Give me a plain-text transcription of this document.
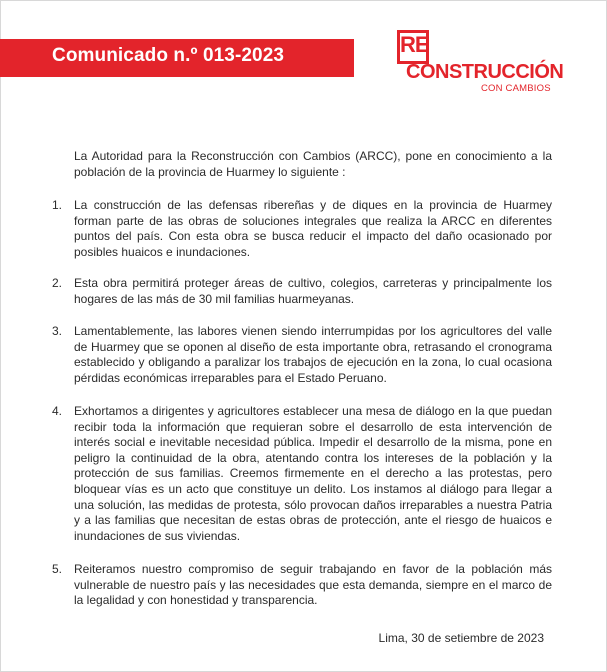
Comunicado n.º 013-2023	RE
CONSTRUCCIÓN
CON CAMBIOS
La Autoridad para la Reconstrucción con Cambios (ARCC), pone en conocimiento a la población de la provincia de Huarmey lo siguiente :
1. La construcción de las defensas ribereñas y de diques en la provincia de Huarmey forman parte de las obras de soluciones integrales que realiza la ARCC en diferentes puntos del país. Con esta obra se busca reducir el impacto del daño ocasionado por posibles huaicos e inundaciones.
2. Esta obra permitirá proteger áreas de cultivo, colegios, carreteras y principalmente los hogares de las más de 30 mil familias huarmeyanas.
3. Lamentablemente, las labores vienen siendo interrumpidas por los agricultores del valle de Huarmey que se oponen al diseño de esta importante obra, retrasando el cronograma establecido y obligando a paralizar los trabajos de ejecución en la zona, lo cual ocasiona pérdidas económicas irreparables para el Estado Peruano.
4. Exhortamos a dirigentes y agricultores establecer una mesa de diálogo en la que puedan recibir toda la información que requieran sobre el desarrollo de esta intervención de interés social e inevitable necesidad pública. Impedir el desarrollo de la misma, pone en peligro la continuidad de la obra, atentando contra los intereses de la población y la protección de sus familias. Creemos firmemente en el derecho a las protestas, pero bloquear vías es un acto que constituye un delito. Los instamos al diálogo para llegar a una solución, las medidas de protesta, sólo provocan daños irreparables a nuestra Patria y a las familias que necesitan de estas obras de protección, ante el riesgo de huaicos e inundaciones de sus viviendas.
5. Reiteramos nuestro compromiso de seguir trabajando en favor de la población más vulnerable de nuestro país y las necesidades que esta demanda, siempre en el marco de la legalidad y con honestidad y transparencia.
Lima, 30 de setiembre de 2023
